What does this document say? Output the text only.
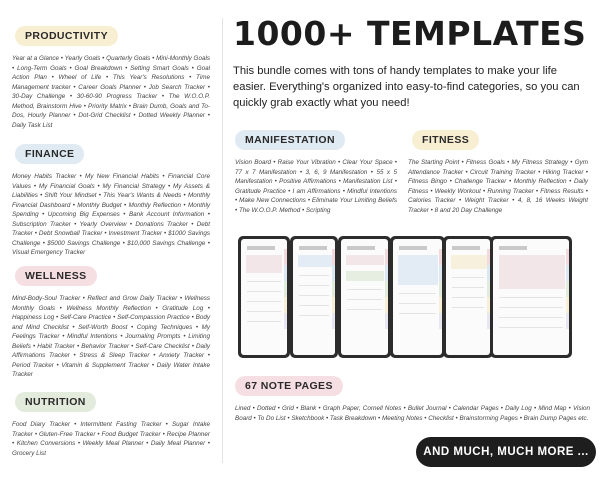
PRODUCTIVITY

Year at a Glance • Yearly Goals • Quarterly Goals • Mini-Monthly Goals • Long-Term Goals • Goal Breakdown • Setting Smart Goals • Goal Action Plan • Wheel of Life • This Year's Resolutions • Time Management tracker • Career Goals Planner • Job Search Tracker • 30-Day Challenge • 30-60-90 Progress Tracker • The W.O.O.P. Method, Brainstorm Hive • Priority Matrix • Brain Dumb, Goals and To-Dos, Hourly Planner • Dot-Grid Checklist • Dotted Weekly Planner • Daily Task List

FINANCE

Money Habits Tracker • My New Financial Habits • Financial Core Values • My Financial Goals • My Financial Strategy • My Assets & Liabilities • Shift Your Mindset • This Year's Wants & Needs • Monthly Financial Dashboard • Monthly Budget • Monthly Reflection • Monthly Spending • Upcoming Big Expenses • Bank Account Information • Subscription Tracker • Yearly Overview • Donations Tracker • Debt Tracker • Debt Snowball Tracker • Investment Tracker • $1000 Savings Challenge • $5000 Savings Challenge • $10,000 Savings Challenge • Visual Emergency Tracker

WELLNESS

Mind-Body-Soul Tracker • Reflect and Grow Daily Tracker • Wellness Monthly Goals • Wellness Monthly Reflection • Gratitude Log • Happiness Log • Self-Care Practice • Self-Compassion Practice • Body and Mind Checklist • Self-Worth Boost • Coping Techniques • My Feelings Tracker • Mindful Intentions • Journaling Prompts • Limiting Beliefs • Habit Tracker • Behavior Tracker • Self-Care Checklist • Daily Affirmations Tracker • Stress & Sleep Tracker • Anxiety Tracker • Period Tracker • Vitamin & Supplement Tracker • Daily Water Intake Tracker

NUTRITION

Food Diary Tracker • Intermittent Fasting Tracker • Sugar Intake Tracker • Gluten-Free Tracker • Food Budget Tracker • Recipe Planner • Kitchen Conversions • Weekly Meal Planner • Daily Meal Planner • Grocery List

1000+ TEMPLATES

This bundle comes with tons of handy templates to make your life easier. Everything's organized into easy-to-find categories, so you can quickly grab exactly what you need!

MANIFESTATION

Vision Board • Raise Your Vibration • Clear Your Space • 77 x 7 Manifestation • 3, 6, 9 Manifestation • 55 x 5 Manifestation • Positive Affirmations • Manifestation List • Gratitude Practice • I am Affirmations • Mindful Intentions • Make New Connections • Eliminate Your Limiting Beliefs • The W.O.O.P. Method • Scripting

FITNESS

The Starting Point • Fitness Goals • My Fitness Strategy • Gym Attendance Tracker • Circuit Training Tracker • Hiking Tracker • Fitness Bingo • Challenge Tracker • Monthly Reflection • Daily Fitness • Weekly Workout • Running Tracker • Fitness Results • Calories Tracker • Weight Tracker • 4, 8, 16 Weeks Weight Tracker • 8 and 20 Day Challenge

67 NOTE PAGES

Lined • Dotted • Grid • Blank • Graph Paper, Cornell Notes • Bullet Journal • Calendar Pages • Daily Log • Mind Map • Vision Board • To Do List • Sketchbook • Task Breakdown • Meeting Notes • Checklist • Brainstorming Pages • Brain Dump Pages etc.

AND MUCH, MUCH MORE ...
